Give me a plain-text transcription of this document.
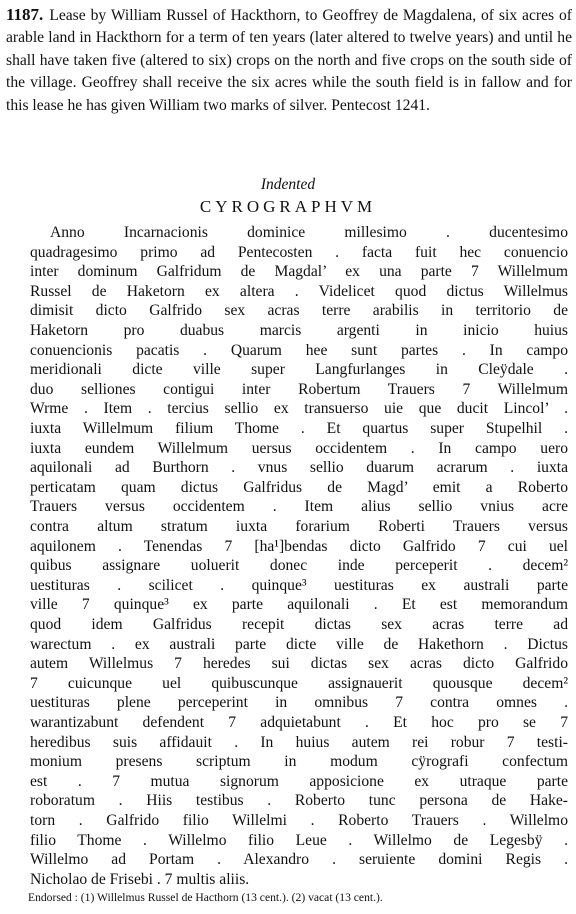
1187. Lease by William Russel of Hackthorn, to Geoffrey de Magdalena, of six acres of arable land in Hackthorn for a term of ten years (later altered to twelve years) and until he shall have taken five (altered to six) crops on the north and five crops on the south side of the village. Geoffrey shall receive the six acres while the south field is in fallow and for this lease he has given William two marks of silver. Pentecost 1241.

Indented

CYROGRAPHVM

Anno Incarnacionis dominice millesimo . ducentesimo
quadragesimo primo ad Pentecosten . facta fuit hec conuencio
inter dominum Galfridum de Magdal’ ex una parte 7 Willelmum
Russel de Haketorn ex altera . Videlicet quod dictus Willelmus
dimisit dicto Galfrido sex acras terre arabilis in territorio de
Haketorn pro duabus marcis argenti in inicio huius
conuencionis pacatis . Quarum hee sunt partes . In campo
meridionali dicte ville super Langfurlanges in Cleÿdale .
duo selliones contigui inter Robertum Trauers 7 Willelmum
Wrme . Item . tercius sellio ex transuerso uie que ducit Lincol’ .
iuxta Willelmum filium Thome . Et quartus super Stupelhil .
iuxta eundem Willelmum uersus occidentem . In campo uero
aquilonali ad Burthorn . vnus sellio duarum acrarum . iuxta
perticatam quam dictus Galfridus de Magd’ emit a Roberto
Trauers versus occidentem . Item alius sellio vnius acre
contra altum stratum iuxta forarium Roberti Trauers versus
aquilonem . Tenendas 7 [ha¹]bendas dicto Galfrido 7 cui uel
quibus assignare uoluerit donec inde perceperit . decem²
uestituras . scilicet . quinque³ uestituras ex australi parte
ville 7 quinque³ ex parte aquilonali . Et est memorandum
quod idem Galfridus recepit dictas sex acras terre ad
warectum . ex australi parte dicte ville de Hakethorn . Dictus
autem Willelmus 7 heredes sui dictas sex acras dicto Galfrido
7 cuicunque uel quibuscunque assignauerit quousque decem²
uestituras plene perceperint in omnibus 7 contra omnes .
warantizabunt defendent 7 adquietabunt . Et hoc pro se 7
heredibus suis affidauit . In huius autem rei robur 7 testi-
monium presens scriptum in modum cÿrografi confectum
est . 7 mutua signorum apposicione ex utraque parte
roboratum . Hiis testibus . Roberto tunc persona de Hake-
torn . Galfrido filio Willelmi . Roberto Trauers . Willelmo
filio Thome . Willelmo filio Leue . Willelmo de Legesbÿ .
Willelmo ad Portam . Alexandro . seruiente domini Regis .
Nicholao de Frisebi . 7 multis aliis.

Endorsed : (1) Willelmus Russel de Hacthorn (13 cent.). (2) vacat (13 cent.).
